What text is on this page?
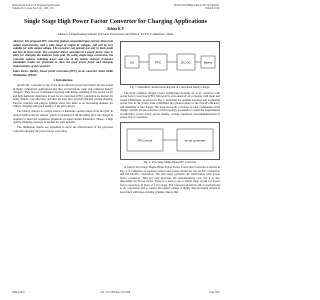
International Journal of Engineering Research
Volume No.5, Issue No.3, pp : 186 - 191
ISSN:2319-6890)(online),2347-5013(print)
1 March 2016
Single Stage High Power Factor Converter for Charging Applications
Athira K.V
Master of Engineering Scholar in Power Electronics and Drives, ECET, Coimbatore, India
Abstract: The proposed PFC converter features sinusoidal input current, three level output characteristic, and a wide range of output dc voltages, and will be very suitable for wide output voltage. The converter can operate not only in buck mode but also in boost mode. The converter allows operation at a power factor close to unity for charging the batteries from grid. By using single-stage conversion, the converter reduces switching losses and cost of the battery charger. Extensive simulation results are presented to show the good power factor and charging characteristics of the converter.
Index Terms: Battery, Power factor correction (PFC), dc-dc converter, Pulse Width Modulation (PWM)
I. Introduction

An AC/DC converter is one of the most effective power electronics devices found in many commercial applications just like, in televisions, radio and computer battery chargers. They fail not to influence derating with mains, resulting in low power factor and high harmonic distortion. Power factor correction (PFC) converters are known for being simple, cost effective, and also because they provide efficient current shaping. Electric vehicles and plug-in hybrids show that there is an increasing demand for battery charging with good quality of the grid current.

The battery charger is a major source of harmonic current drawn from the grid. In plug-in hybrid electric vehicle, which is recharged from the utility grid, the charger is required to meet the regulation standards on input current harmonics. Hence, a high quality charging converter is needed for such systems.

The simulation results are presented to show the effectiveness of the proposed converter showing the power factor correction.

AC	PFC	DC-DC	Battery
Fig. 1. Simplified current block diagram of a functional battery charger

The most common charger power architecture includes an ac-dc converter with power factor correction (PFC) followed by an isolated dc-dc converter with input and output EMI filters, as shown in Fig. 1. Selecting the optimal topology and evaluating power loss in the power train contributes the greatest share to the overall efficiency and reliability of the charger. The front-end ac-dc converter is a key component of the charger system. Proper selection of this topology is essential to meet the requirements of efficiency, power factor, power density, voltage regulation and implementation of power factor correction.

PFC circuit	dc-dc converter
Fig. 2. Two-Stage Single-Phase PFC Converter

A typical Two-Stage Single-Phase Power Factor Correction Converter is shown in Fig. 2. It comprises of separate control and power circuits for the AC/DC conversion and the DC/DC conversion. The first stage performs the rectification with power factor correction. This not only increases the manufacturing cost, but it is also impossible for Power factor. There is a need to use a single stage circuit for power factor correction, in place of a two stage. The converter should be able to perform the ac-dc conversion and to control the output voltage. A highly distorted input current is associated with these existing systems. Due to this

IJER@2016	doi : 10.17950/ijer/v5s3/306	Page 186
